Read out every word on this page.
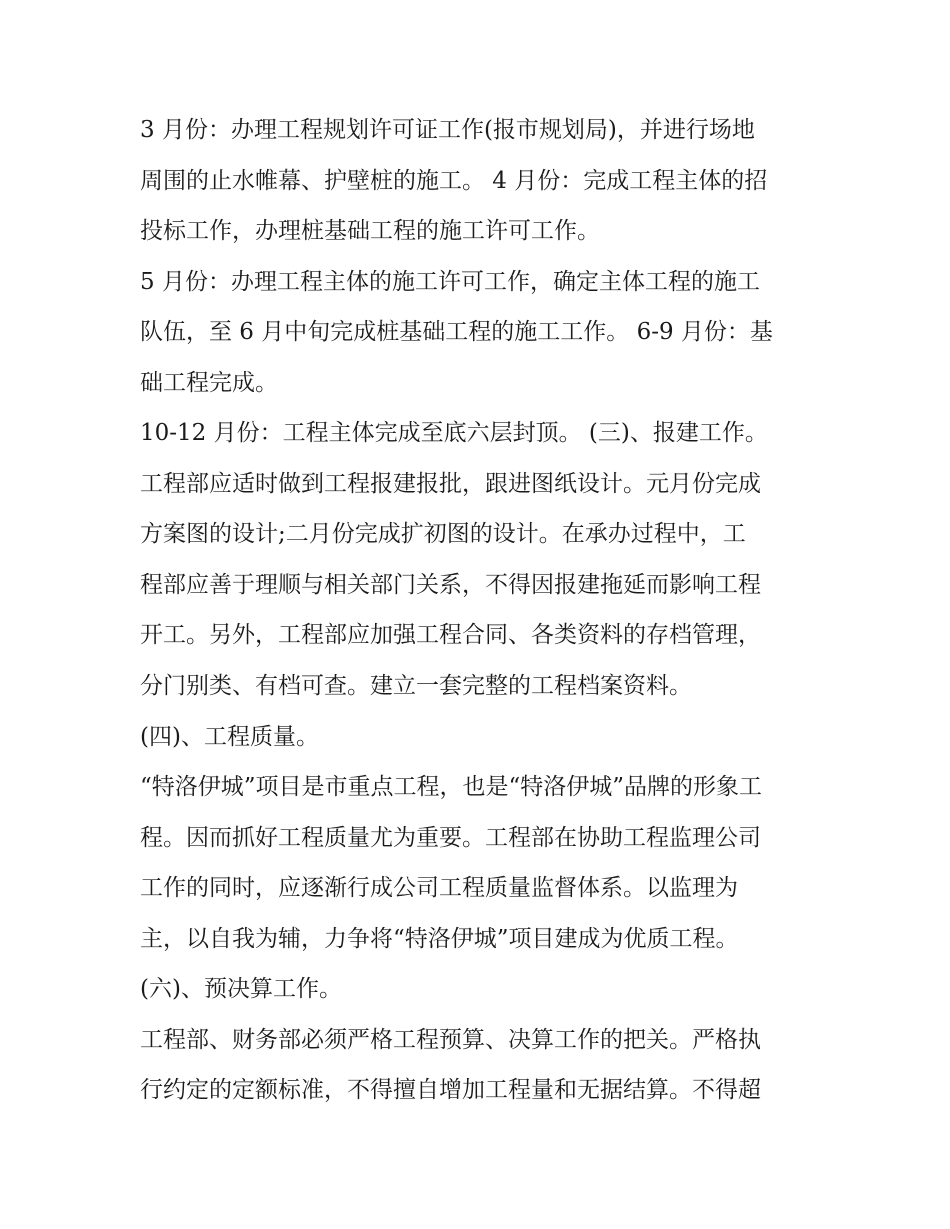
3 月份：办理工程规划许可证工作(报市规划局)，并进行场地
周围的止水帷幕、护壁桩的施工。 4 月份：完成工程主体的招
投标工作，办理桩基础工程的施工许可工作。
5 月份：办理工程主体的施工许可工作，确定主体工程的施工
队伍，至 6 月中旬完成桩基础工程的施工工作。 6-9 月份：基
础工程完成。
10-12 月份：工程主体完成至底六层封顶。 (三)、报建工作。
工程部应适时做到工程报建报批，跟进图纸设计。元月份完成
方案图的设计;二月份完成扩初图的设计。在承办过程中，工
程部应善于理顺与相关部门关系，不得因报建拖延而影响工程
开工。另外，工程部应加强工程合同、各类资料的存档管理，
分门别类、有档可查。建立一套完整的工程档案资料。
(四)、工程质量。
“特洛伊城”项目是市重点工程，也是“特洛伊城”品牌的形象工
程。因而抓好工程质量尤为重要。工程部在协助工程监理公司
工作的同时，应逐渐行成公司工程质量监督体系。以监理为
主，以自我为辅，力争将“特洛伊城”项目建成为优质工程。
(六)、预决算工作。
工程部、财务部必须严格工程预算、决算工作的把关。严格执
行约定的定额标准，不得擅自增加工程量和无据结算。不得超
